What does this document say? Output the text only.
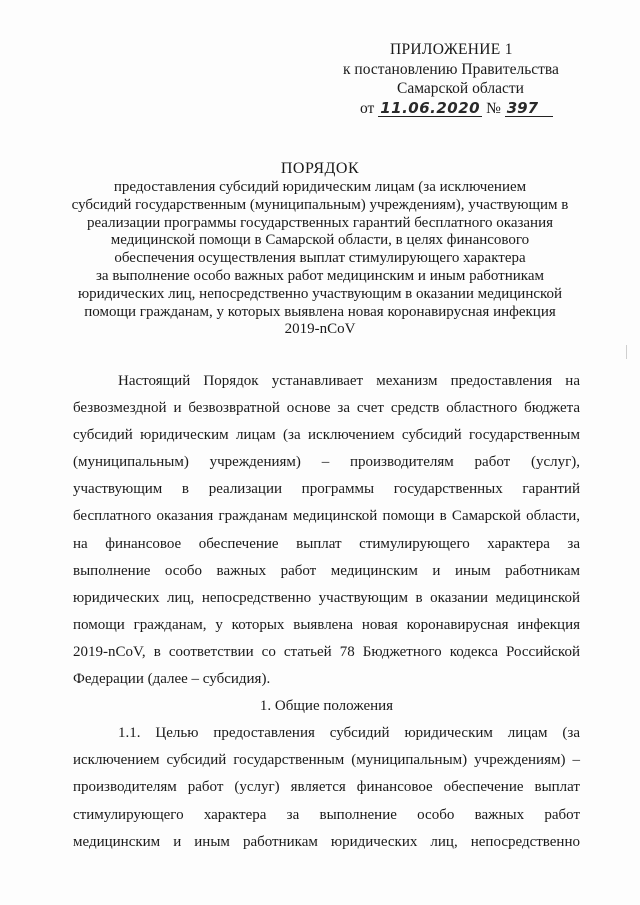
ПРИЛОЖЕНИЕ 1
к постановлению Правительства
Самарской области
от 11.06.2020 № 397
ПОРЯДОК
предоставления субсидий юридическим лицам (за исключением
субсидий государственным (муниципальным) учреждениям), участвующим в
реализации программы государственных гарантий бесплатного оказания
медицинской помощи в Самарской области, в целях финансового
обеспечения осуществления выплат стимулирующего характера
за выполнение особо важных работ медицинским и иным работникам
юридических лиц, непосредственно участвующим в оказании медицинской
помощи гражданам, у которых выявлена новая коронавирусная инфекция
2019-nCoV
Настоящий Порядок устанавливает механизм предоставления на
безвозмездной и безвозвратной основе за счет средств областного бюджета
субсидий юридическим лицам (за исключением субсидий государственным
(муниципальным) учреждениям) – производителям работ (услуг),
участвующим в реализации программы государственных гарантий
бесплатного оказания гражданам медицинской помощи в Самарской области,
на финансовое обеспечение выплат стимулирующего характера за
выполнение особо важных работ медицинским и иным работникам
юридических лиц, непосредственно участвующим в оказании медицинской
помощи гражданам, у которых выявлена новая коронавирусная инфекция
2019-nCoV, в соответствии со статьей 78 Бюджетного кодекса Российской
Федерации (далее – субсидия).
1. Общие положения
1.1. Целью предоставления субсидий юридическим лицам (за
исключением субсидий государственным (муниципальным) учреждениям) –
производителям работ (услуг) является финансовое обеспечение выплат
стимулирующего характера за выполнение особо важных работ
медицинским и иным работникам юридических лиц, непосредственно
